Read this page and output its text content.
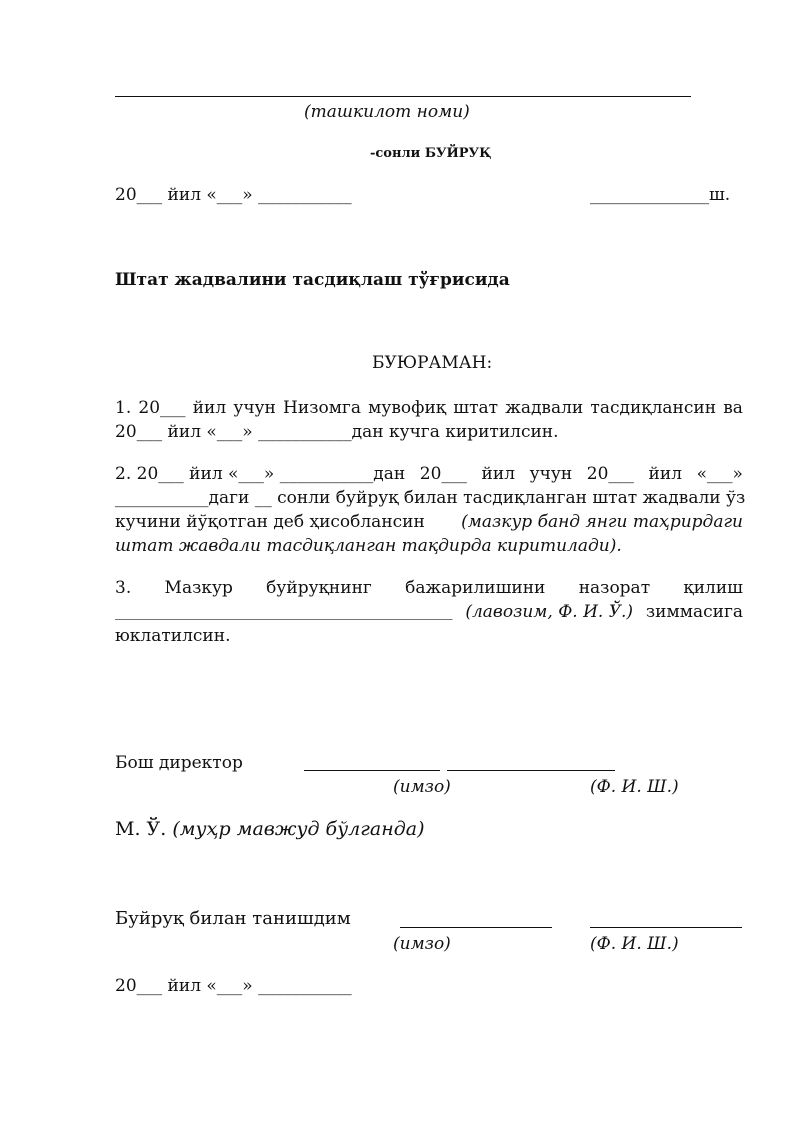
(ташкилот номи)
-сонли БУЙРУҚ
20___ йил «___» ___________	______________ш.
Штат жадвалини тасдиқлаш тўғрисида
БУЮРАМАН:
1. 20___ йил учун Низомга мувофиқ штат жадвали тасдиқлансин ва
20___ йил «___» ___________дан кучга киритилсин.
2. 20___ йил «___» ___________дан 20___ йил учун 20___ йил «___»
___________даги __ сонли буйруқ билан тасдиқланган штат жадвали ўз
кучини йўқотган деб ҳисоблансин (мазкур банд янги таҳрирдаги
штат жавдали тасдиқланган тақдирда киритилади).
3. Мазкур буйруқнинг бажарилишини назорат қилиш
_____________________________________________ (лавозим, Ф. И. Ў.) зиммасига
юклатилсин.
Бош директор
(имзо)	(Ф. И. Ш.)
М. Ў. (муҳр мавжуд бўлганда)
Буйруқ билан танишдим
(имзо)	(Ф. И. Ш.)
20___ йил «___» ___________
